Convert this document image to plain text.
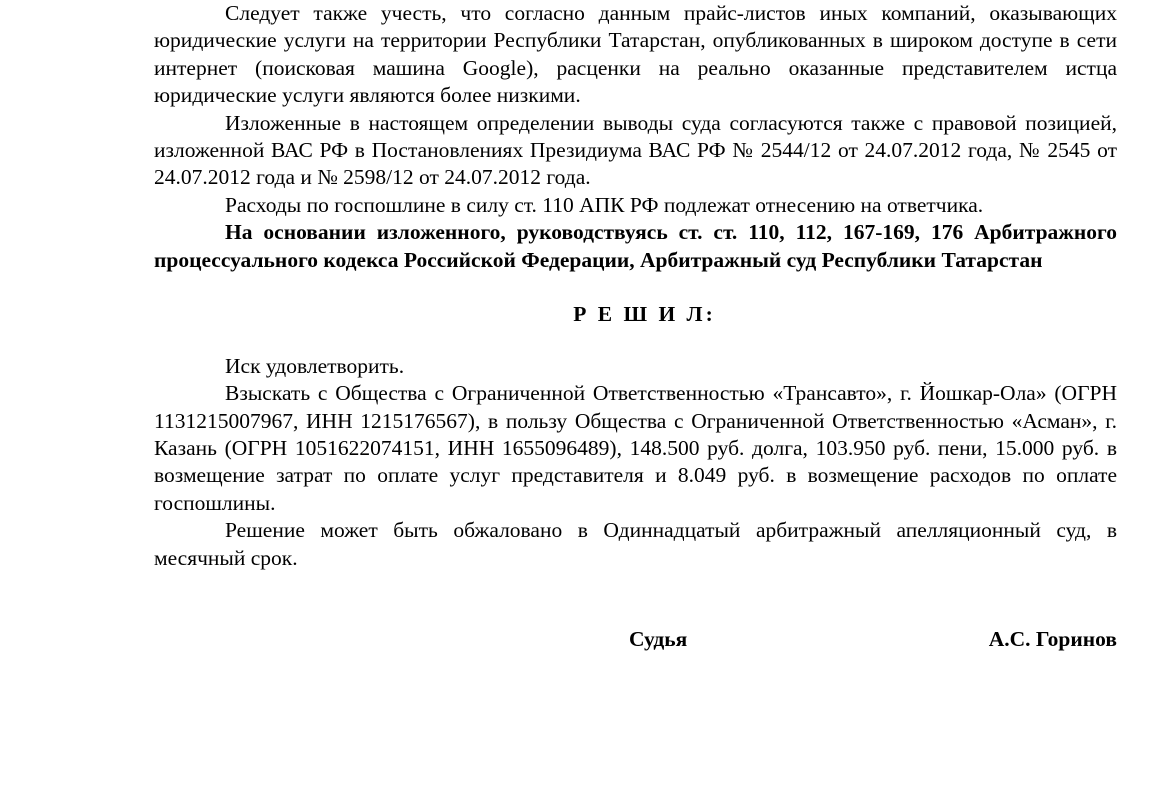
Следует также учесть, что согласно данным прайс-листов иных компаний, оказывающих юридические услуги на территории Республики Татарстан, опубликованных в широком доступе в сети интернет (поисковая машина Google), расценки на реально оказанные представителем истца юридические услуги являются более низкими.

Изложенные в настоящем определении выводы суда согласуются также с правовой позицией, изложенной ВАС РФ в Постановлениях Президиума ВАС РФ № 2544/12 от 24.07.2012 года, № 2545 от 24.07.2012 года и № 2598/12 от 24.07.2012 года.

Расходы по госпошлине в силу ст. 110 АПК РФ подлежат отнесению на ответчика.

На основании изложенного, руководствуясь ст. ст. 110, 112, 167-169, 176 Арбитражного процессуального кодекса Российской Федерации, Арбитражный суд Республики Татарстан

Р Е Ш И Л:

Иск удовлетворить.

Взыскать с Общества с Ограниченной Ответственностью «Трансавто», г. Йошкар-Ола» (ОГРН 1131215007967, ИНН 1215176567), в пользу Общества с Ограниченной Ответственностью «Асман», г. Казань (ОГРН 1051622074151, ИНН 1655096489), 148.500 руб. долга, 103.950 руб. пени, 15.000 руб. в возмещение затрат по оплате услуг представителя и 8.049 руб. в возмещение расходов по оплате госпошлины.

Решение может быть обжаловано в Одиннадцатый арбитражный апелляционный суд, в месячный срок.

Судья	А.С. Горинов
